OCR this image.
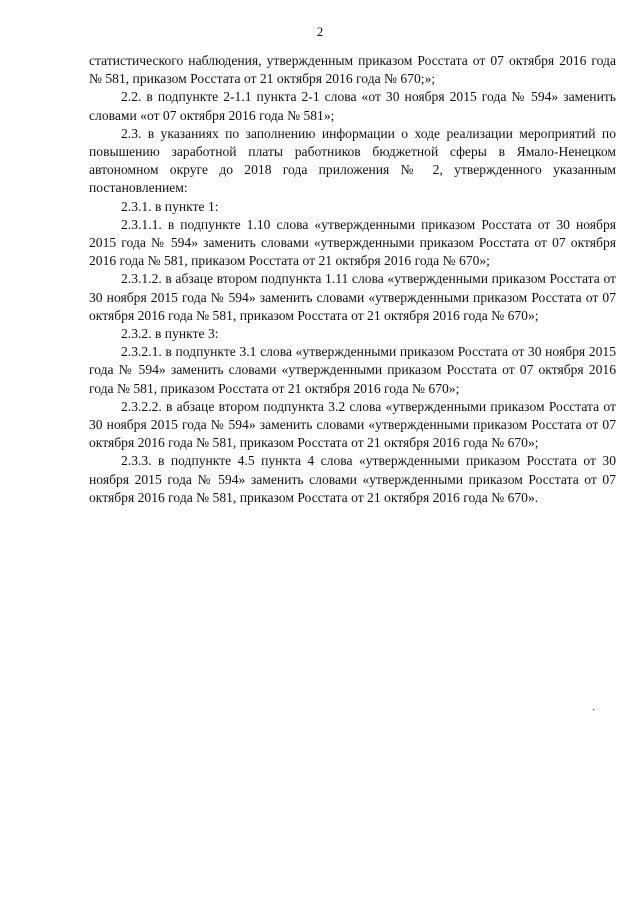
2

статистического наблюдения, утвержденным приказом Росстата от 07 октября 2016 года № 581, приказом Росстата от 21 октября 2016 года № 670;»;

2.2. в подпункте 2-1.1 пункта 2-1 слова «от 30 ноября 2015 года № 594» заменить словами «от 07 октября 2016 года № 581»;

2.3. в указаниях по заполнению информации о ходе реализации мероприятий по повышению заработной платы работников бюджетной сферы в Ямало-Ненецком автономном округе до 2018 года приложения № 2, утвержденного указанным постановлением:

2.3.1. в пункте 1:

2.3.1.1. в подпункте 1.10 слова «утвержденными приказом Росстата от 30 ноября 2015 года № 594» заменить словами «утвержденными приказом Росстата от 07 октября 2016 года № 581, приказом Росстата от 21 октября 2016 года № 670»;

2.3.1.2. в абзаце втором подпункта 1.11 слова «утвержденными приказом Росстата от 30 ноября 2015 года № 594» заменить словами «утвержденными приказом Росстата от 07 октября 2016 года № 581, приказом Росстата от 21 октября 2016 года № 670»;

2.3.2. в пункте 3:

2.3.2.1. в подпункте 3.1 слова «утвержденными приказом Росстата от 30 ноября 2015 года № 594» заменить словами «утвержденными приказом Росстата от 07 октября 2016 года № 581, приказом Росстата от 21 октября 2016 года № 670»;

2.3.2.2. в абзаце втором подпункта 3.2 слова «утвержденными приказом Росстата от 30 ноября 2015 года № 594» заменить словами «утвержденными приказом Росстата от 07 октября 2016 года № 581, приказом Росстата от 21 октября 2016 года № 670»;

2.3.3. в подпункте 4.5 пункта 4 слова «утвержденными приказом Росстата от 30 ноября 2015 года № 594» заменить словами «утвержденными приказом Росстата от 07 октября 2016 года № 581, приказом Росстата от 21 октября 2016 года № 670».

·
